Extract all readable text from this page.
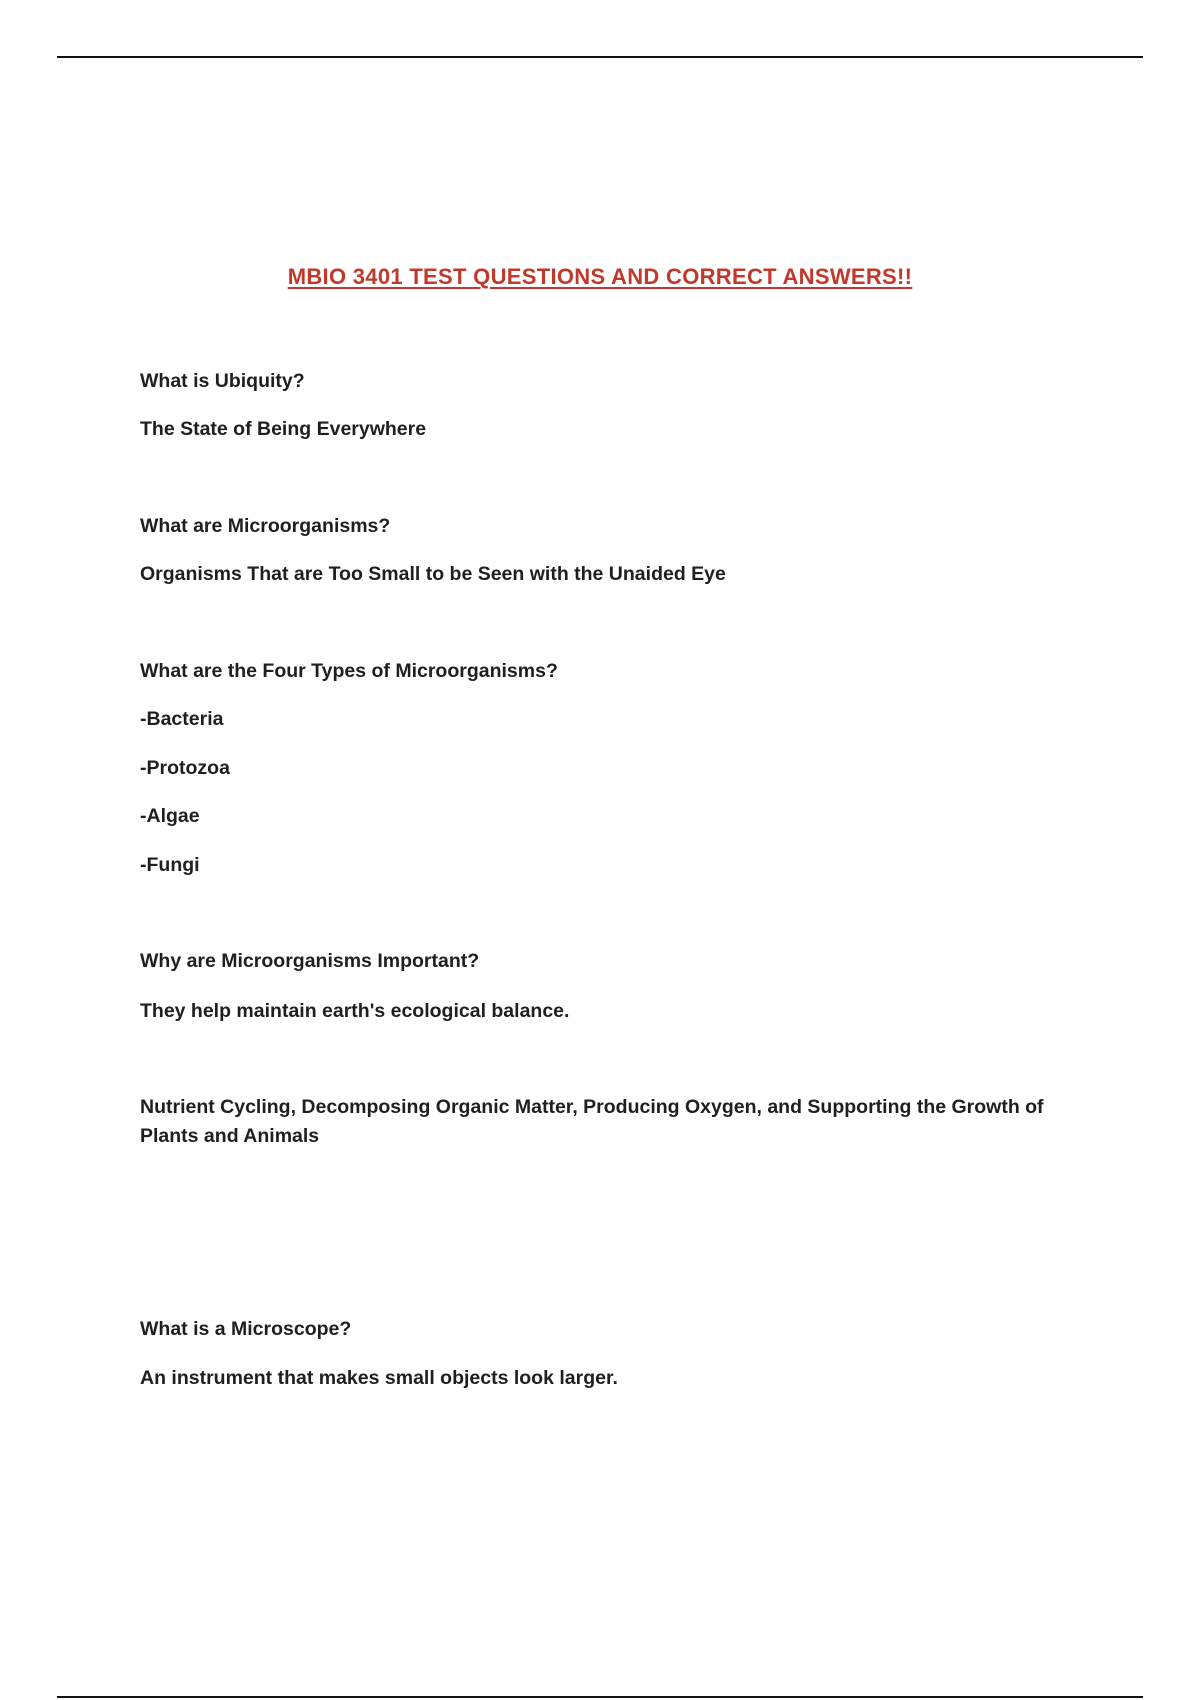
MBIO 3401 TEST QUESTIONS AND CORRECT ANSWERS!!
What is Ubiquity?
The State of Being Everywhere
What are Microorganisms?
Organisms That are Too Small to be Seen with the Unaided Eye
What are the Four Types of Microorganisms?
-Bacteria
-Protozoa
-Algae
-Fungi
Why are Microorganisms Important?
They help maintain earth's ecological balance.
Nutrient Cycling, Decomposing Organic Matter, Producing Oxygen, and Supporting the Growth of Plants and Animals
What is a Microscope?
An instrument that makes small objects look larger.
